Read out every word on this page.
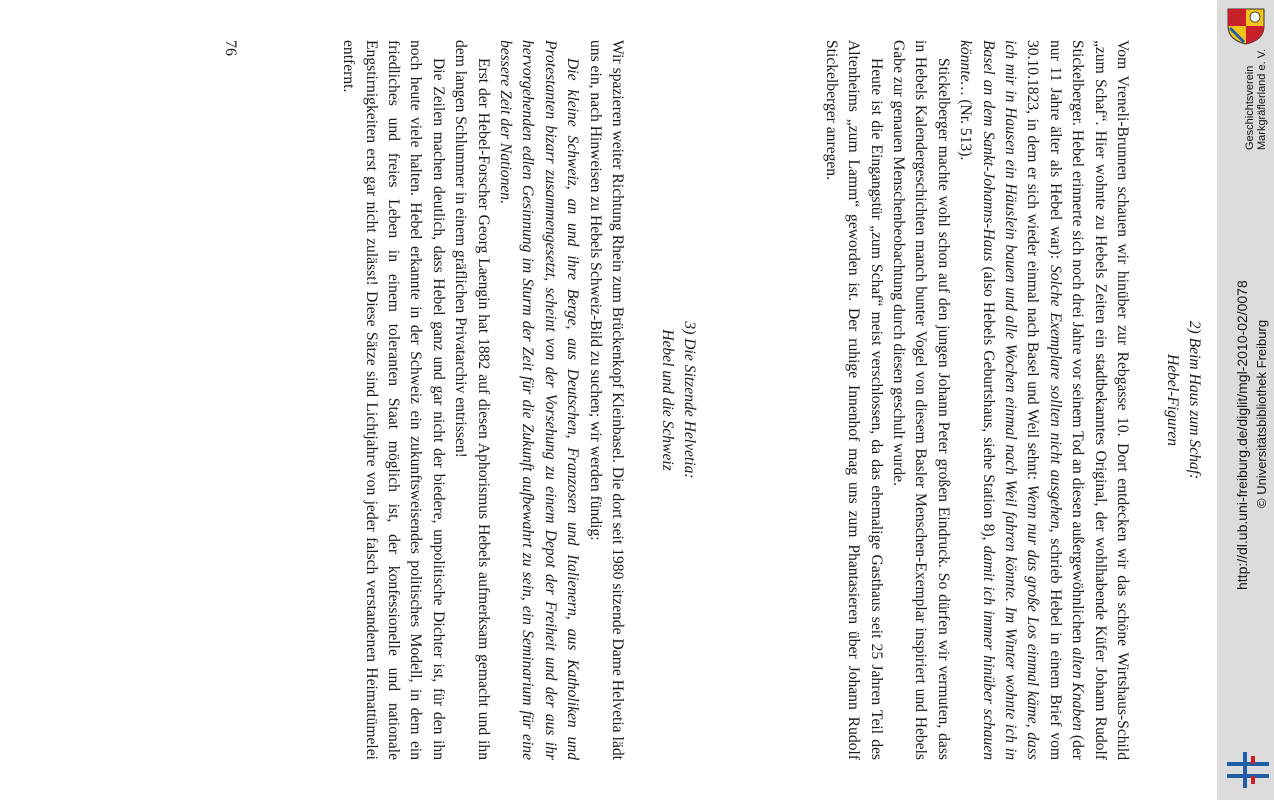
2) Beim Haus zum Schaf:

Hebel-Figuren

Vom Vreneli-Brunnen schauen wir hinüber zur Rebgasse 10. Dort entdecken wir das schöne Wirtshaus-Schild „zum Schaf“. Hier wohnte zu Hebels Zeiten ein stadtbekanntes Original, der wohlhabende Küfer Johann Rudolf Stickelberger. Hebel erinnerte sich noch drei Jahre vor seinem Tod an diesen außergewöhnlichen alten Knaben (der nur 11 Jahre älter als Hebel war): Solche Exemplare sollten nicht ausgehen, schrieb Hebel in einem Brief vom 30.10.1823, in dem er sich wieder einmal nach Basel und Weil sehnt: Wenn nur das große Los einmal käme, dass ich mir in Hausen ein Häuslein bauen und alle Wochen einmal nach Weil fahren könnte. Im Winter wohnte ich in Basel an dem Sankt-Johanns-Haus (also Hebels Geburtshaus, siehe Station 8), damit ich immer hinüber schauen könnte… (Nr. 513).

Stickelberger machte wohl schon auf den jungen Johann Peter großen Eindruck. So dürfen wir vermuten, dass in Hebels Kalendergeschichten manch bunter Vogel von diesem Basler Menschen-Exemplar inspiriert und Hebels Gabe zur genauen Menschenbeobachtung durch diesen geschult wurde.

Heute ist die Eingangstür „zum Schaf“ meist verschlossen, da das ehemalige Gasthaus seit 25 Jahren Teil des Altenheims „zum Lamm“ geworden ist. Der ruhige Innenhof mag uns zum Phantasieren über Johann Rudolf Stickelberger anregen.

3) Die Sitzende Helvetia:

Hebel und die Schweiz

Wir spazieren weiter Richtung Rhein zum Brückenkopf Kleinbasel. Die dort seit 1980 sitzende Dame Helvetia lädt uns ein, nach Hinweisen zu Hebels Schweiz-Bild zu suchen; wir werden fündig:

Die kleine Schweiz, an und ihre Berge, aus Deutschen, Franzosen und Italienern, aus Katholiken und Protestanten bizarr zusammengesetzt, scheint von der Vorsehung zu einem Depot der Freiheit und der aus ihr hervorgehenden edlen Gesinnung im Sturm der Zeit für die Zukunft aufbewahrt zu sein, ein Seminarium für eine bessere Zeit der Nationen.

Erst der Hebel-Forscher Georg Laengin hat 1882 auf diesen Aphorismus Hebels aufmerksam gemacht und ihn dem langen Schlummer in einem gräflichen Privatarchiv entrissen!

Die Zeilen machen deutlich, dass Hebel ganz und gar nicht der biedere, unpolitische Dichter ist, für den ihn noch heute viele halten. Hebel erkannte in der Schweiz ein zukunftsweisendes politisches Modell, in dem ein friedliches und freies Leben in einem toleranten Staat möglich ist, der konfessionelle und nationale Engstirnigkeiten erst gar nicht zulässt! Diese Sätze sind Lichtjahre von jeder falsch verstandenen Heimattümelei entfernt.

76
http://dl.ub.uni-freiburg.de/diglit/mgl-2010-02/0078 © Universitätsbibliothek Freiburg
Geschichtsverein Markgräflerland e. V.
